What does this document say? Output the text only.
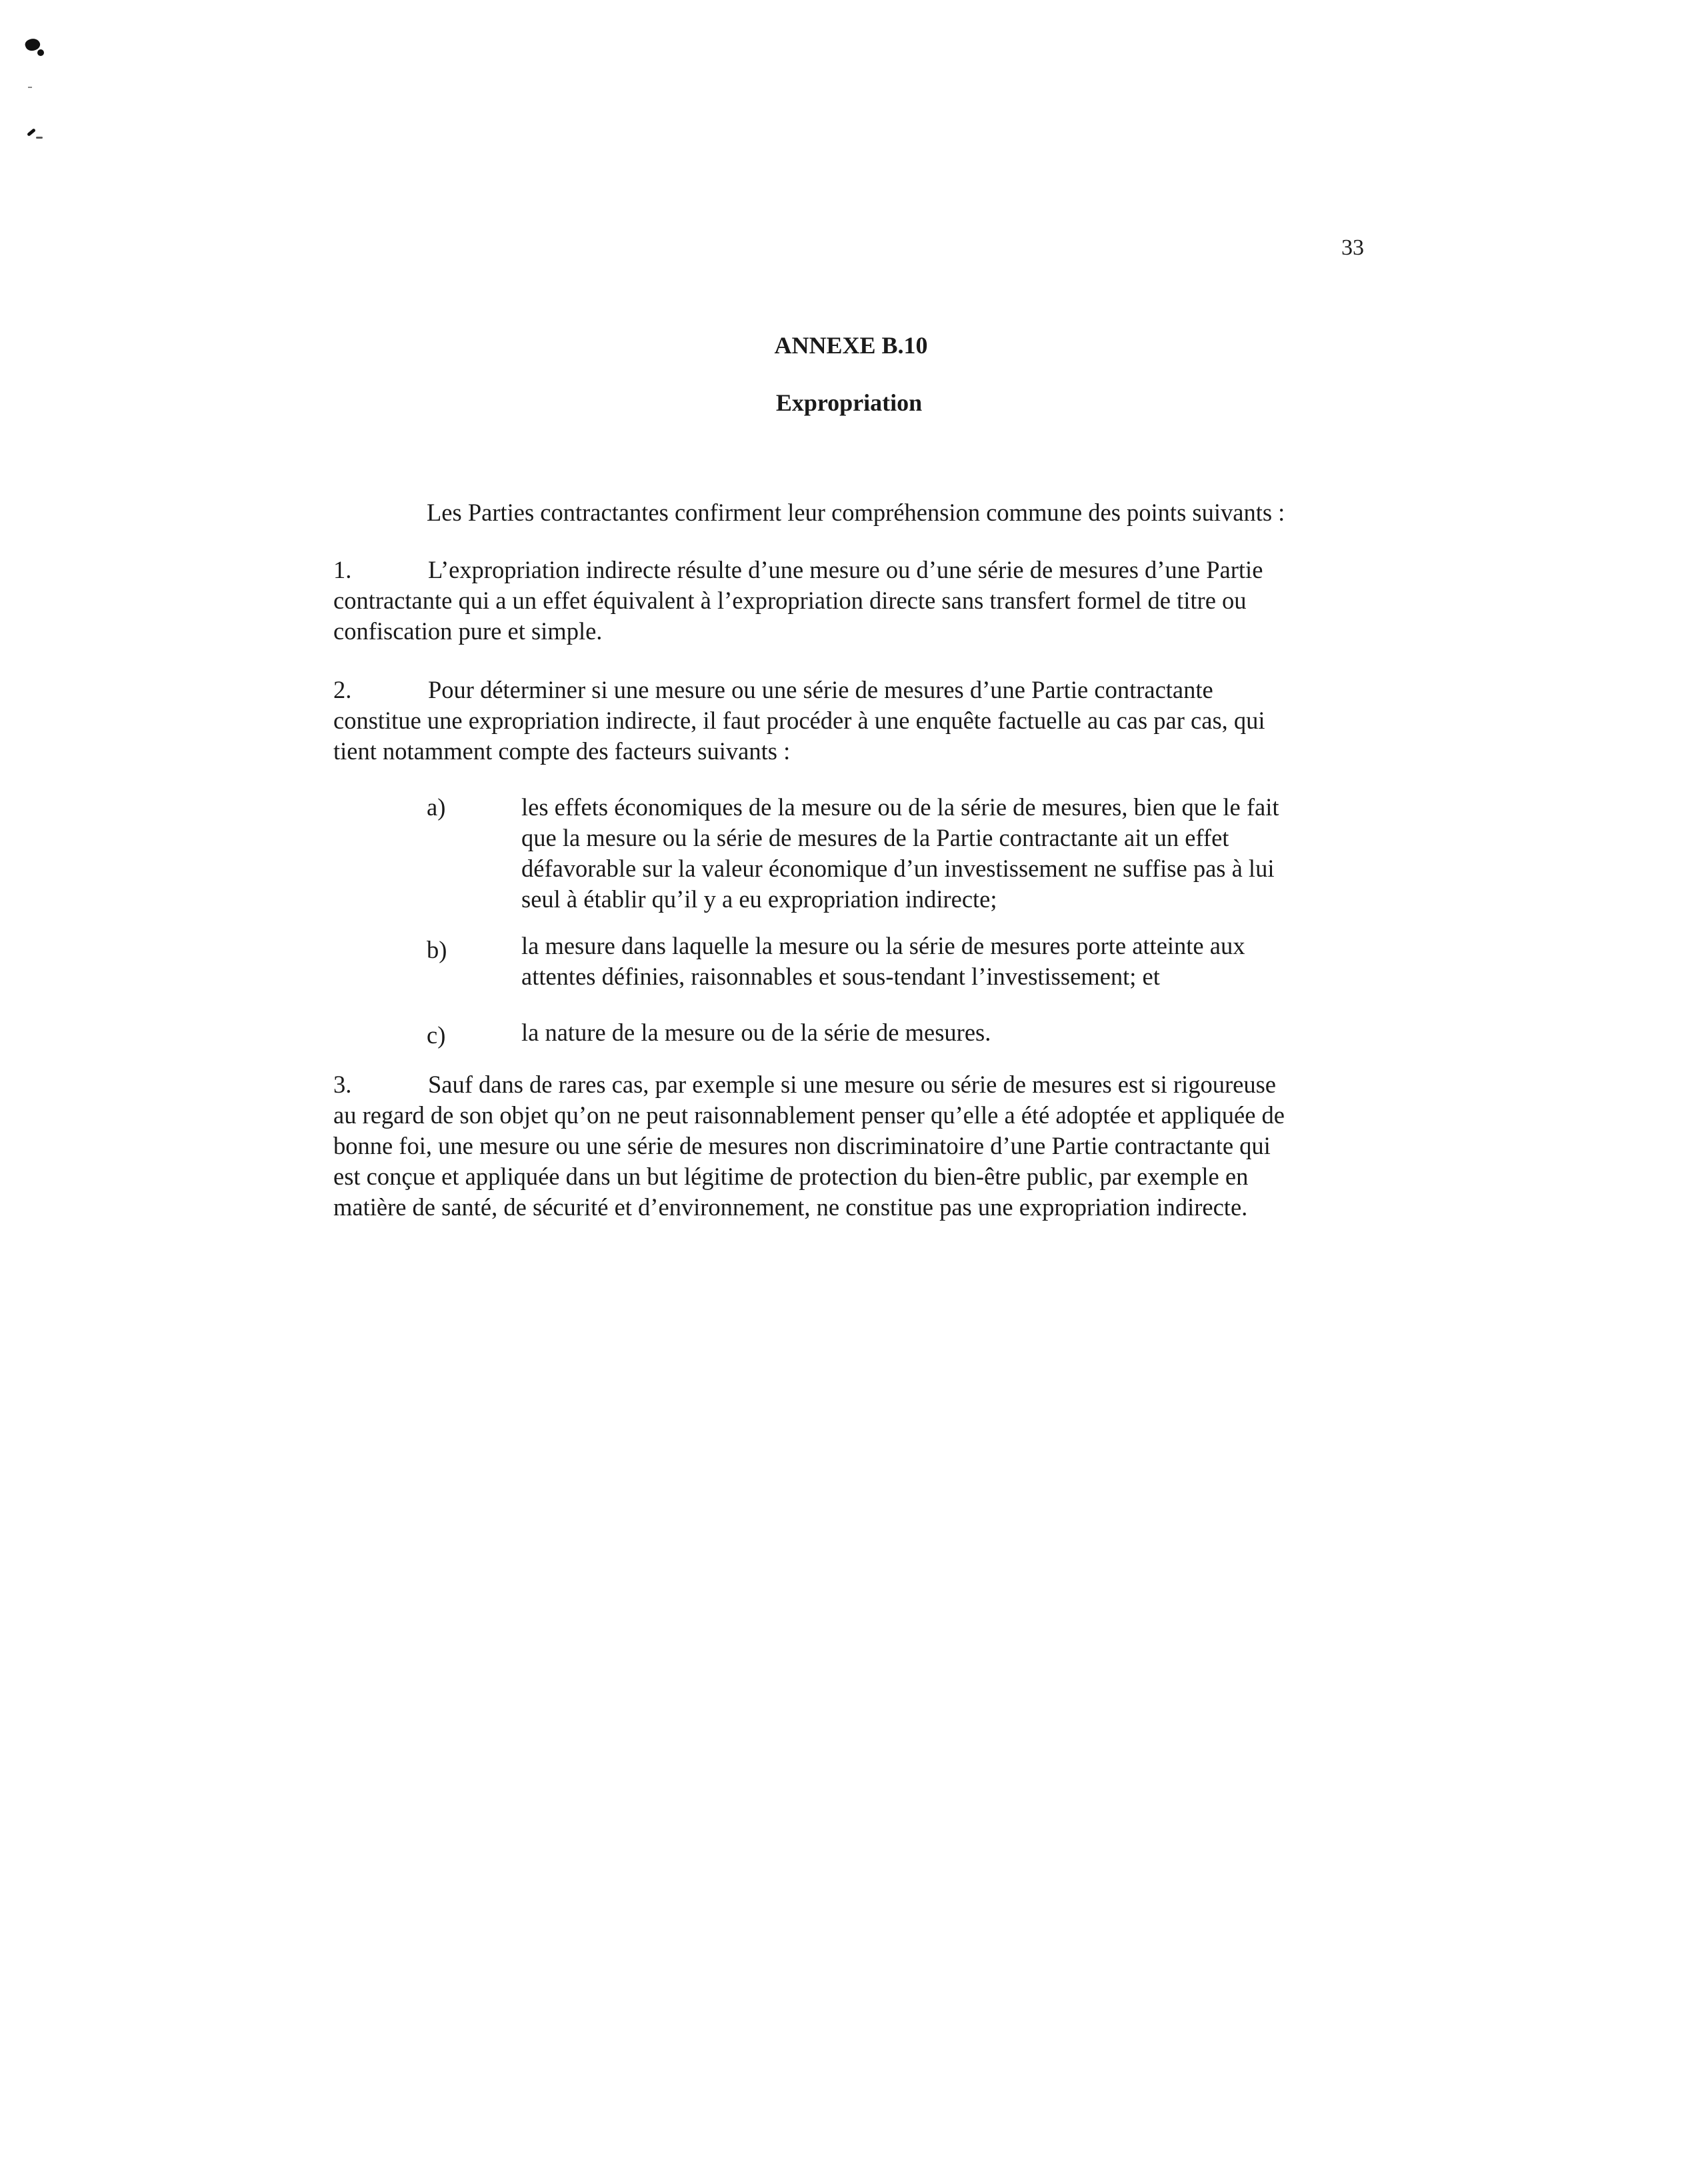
33
ANNEXE B.10
Expropriation
Les Parties contractantes confirment leur compréhension commune des points suivants :
1.	L’expropriation indirecte résulte d’une mesure ou d’une série de mesures d’une Partie
contractante qui a un effet équivalent à l’expropriation directe sans transfert formel de titre ou
confiscation pure et simple.
2.	Pour déterminer si une mesure ou une série de mesures d’une Partie contractante
constitue une expropriation indirecte, il faut procéder à une enquête factuelle au cas par cas, qui
tient notamment compte des facteurs suivants :
a)	les effets économiques de la mesure ou de la série de mesures, bien que le fait
que la mesure ou la série de mesures de la Partie contractante ait un effet
défavorable sur la valeur économique d’un investissement ne suffise pas à lui
seul à établir qu’il y a eu expropriation indirecte;
b)	la mesure dans laquelle la mesure ou la série de mesures porte atteinte aux
attentes définies, raisonnables et sous-tendant l’investissement; et
c)	la nature de la mesure ou de la série de mesures.
3.	Sauf dans de rares cas, par exemple si une mesure ou série de mesures est si rigoureuse
au regard de son objet qu’on ne peut raisonnablement penser qu’elle a été adoptée et appliquée de
bonne foi, une mesure ou une série de mesures non discriminatoire d’une Partie contractante qui
est conçue et appliquée dans un but légitime de protection du bien-être public, par exemple en
matière de santé, de sécurité et d’environnement, ne constitue pas une expropriation indirecte.
